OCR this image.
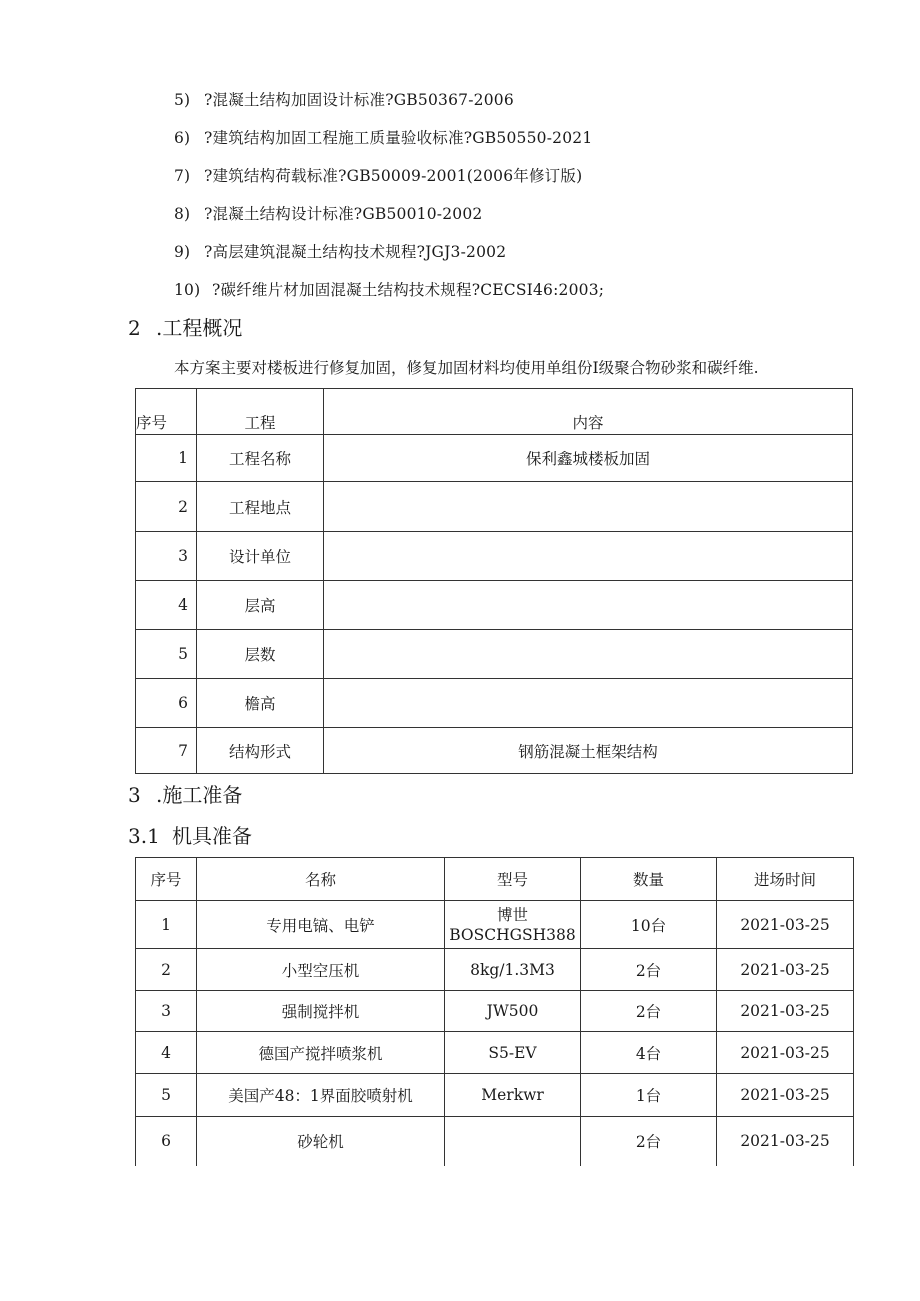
5) ?混凝土结构加固设计标准?GB50367-2006
6) ?建筑结构加固工程施工质量验收标准?GB50550-2021
7) ?建筑结构荷载标准?GB50009-2001(2006年修订版)
8) ?混凝土结构设计标准?GB50010-2002
9) ?高层建筑混凝土结构技术规程?JGJ3-2002
10) ?碳纤维片材加固混凝土结构技术规程?CECSI46:2003;
2 .工程概况
本方案主要对楼板进行修复加固，修复加固材料均使用单组份I级聚合物砂浆和碳纤维.
序号	工程	内容
1	工程名称	保利鑫城楼板加固
2	工程地点	
3	设计单位	
4	层高	
5	层数	
6	檐高	
7	结构形式	钢筋混凝土框架结构
3 .施工准备
3.1 机具准备
序号	名称	型号	数量	进场时间
1	专用电镐、电铲	博世
BOSCHGSH388	10台	2021-03-25
2	小型空压机	8kg/1.3M3	2台	2021-03-25
3	强制搅拌机	JW500	2台	2021-03-25
4	德国产搅拌喷浆机	S5-EV	4台	2021-03-25
5	美国产48：1界面胶喷射机	Merkwr	1台	2021-03-25
6	砂轮机		2台	2021-03-25
